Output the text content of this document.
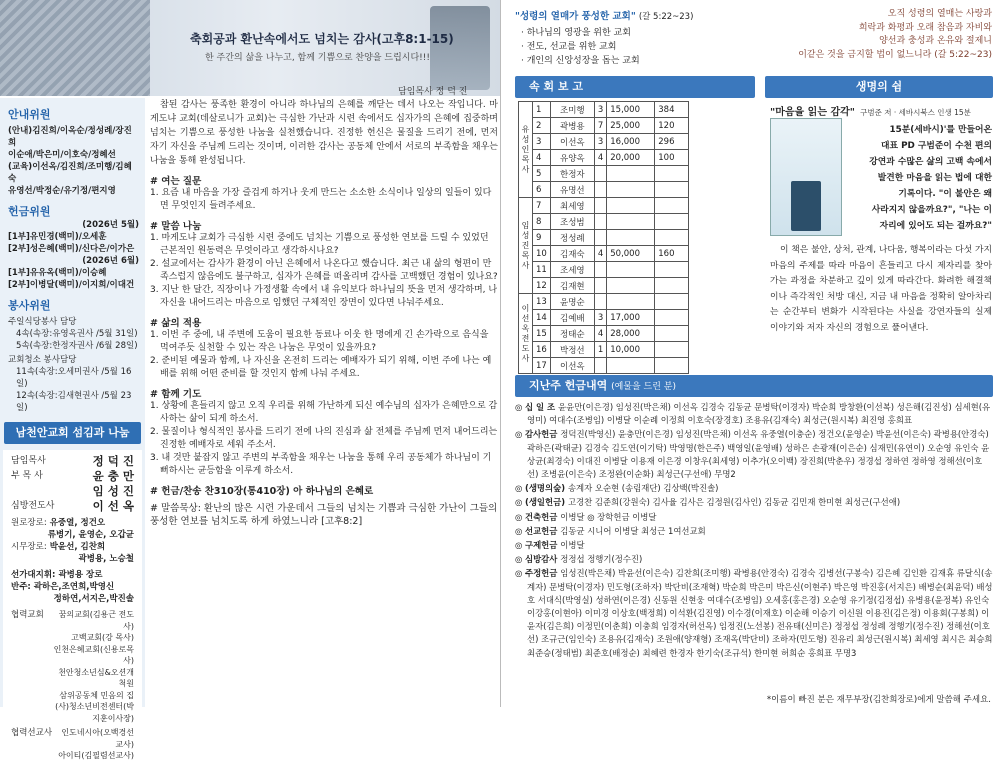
축회공과 환난속에서도 넘치는 감사(고후8:1-15)
한 주간의 삶을 나누고, 함께 기쁨으로 찬양을 드립시다!!!
담임목사 정 덕 진
안내위원
(안내)김진희/이옥순/정성례/장진희
이순애/박은미/이호숙/정혜선
(교육)이선옥/김진희/조미행/김혜숙
유영선/박정순/유기정/편지영
헌금위원
(2026년 5월)
[1부]유민경(백미)/오세훈
[2부]성은혜(백미)/신다은/이가은
(2026년 6월)
[1부]유유옥(백미)/이승혜
[2부]이병달(백미)/이지희/이대건
봉사위원
주일식당봉사 담당
4속(속장:유영옥권사 /5월 31일)
5속(속장:한정자권사 /6월 28일)
교회청소 봉사담당
11속(속장:오세미권사 /5월 16일)
12속(속장:김새현권사 /5월 23일)
남천안교회 섬김과 나눔
담임목사	정 덕 진
부 목 사	윤 충 만
임 성 진
심방전도사	이 선 옥
원로장로: 유중열, 정건오
류병기, 윤영순, 오갑균
시무장로: 박윤선, 김찬희
곽병용, 노승철
선가대지휘: 곽병용 장로
반주: 곽하은,조연희,박영신
정하연,서지은,박진솔
협력교회	꿈의교회(김용근 전도사)
고백교회(강 목사)
인천은혜교회(신용로목사)
천안청소년심&오션개척원
삼위공동체 민음의 집
(사)청소년비전센터(박지훈이사장)
협력선교사	인도네시아(오백경선교사)
아이티(김필렴선교사)
참된 감사는 풍족한 환경이 아니라 하나님의 은혜를 깨닫는 데서 나오는 작입니다. 마게도냐 교회(데살로니가 교회)는 극심한 가난과 시련 속에서도 십자가의 은혜에 집중하며 넘치는 기쁨으로 풍성한 나눔을 실천했습니다. 진정한 헌신은 물질을 드리기 전에, 먼저 자기 자신을 주님께 드리는 것이며, 이러한 감사는 공동체 안에서 서로의 부족함을 채우는 나눔을 통해 완성됩니다.
# 여는 질문
1. 요즘 내 마음을 가장 즐겁게 하거나 웃게 만드는 소소한 소식이나 일상의 일들이 있다면 무엇인지 들려주세요.
# 말씀 나눔
1. 마게도냐 교회가 극심한 시련 중에도 넘치는 기쁨으로 풍성한 연보를 드릴 수 있었던 근본적인 원동력은 무엇이라고 생각하시나요?
2. 설교에서는 감사가 환경이 아닌 은혜에서 나온다고 했습니다. 최근 내 삶의 형편이 만족스럽지 않음에도 불구하고, 십자가 은혜를 떠올리며 감사를 고백했던 경험이 있나요?
3. 지난 한 달간, 직장이나 가정생활 속에서 내 유익보다 하나님의 뜻을 먼저 생각하며, 나 자신을 내어드리는 마음으로 임했던 구체적인 장면이 있다면 나눠주세요.
# 삶의 적용
1. 이번 주 중에, 내 주변에 도움이 필요한 동료나 이웃 한 명에게 긴 손가락으로 음식을 먹여주듯 실천할 수 있는 작은 나눔은 무엇이 있을까요?
2. 준비된 예물과 함께, 나 자신을 온전히 드리는 예배자가 되기 위해, 이번 주에 나는 예배를 위해 어떤 준비를 할 것인지 함께 나눠 주세요.
# 함께 기도
1. 상황에 흔들리지 않고 오직 우리를 위해 가난하게 되신 예수님의 십자가 은혜만으로 감사하는 삶이 되게 하소서.
2. 물질이나 형식적인 봉사를 드리기 전에 나의 진심과 삶 전체를 주님께 먼저 내어드리는 진정한 예배자로 세워 주소서.
3. 내 것만 붙잡지 않고 주변의 부족함을 채우는 나눔을 통해 우리 공동체가 하나님이 기뻐하시는 균등함을 이루게 하소서.
# 헌금/찬송 찬310장(통410장) 아 하나님의 은혜로
# 말씀묵상: 환난의 많은 시련 가운데서 그들의 넘치는 기쁨과 극심한 가난이 그들의 풍성한 연보를 넘치도록 하게 하였느니라 [고후8:2]
"성령의 열매가 풍성한 교회" (갈 5:22~23)
· 하나님의 영광을 위한 교회
· 전도, 선교를 위한 교회
· 개인의 신앙성장을 돕는 교회
오직 성령의 열매는 사랑과
희락과 화평과 오래 참음과 자비와
양선과 충성과 온유와 절제니
이같은 것을 금지할 법이 없느니라 (갈 5:22~23)
속 회 보 고
유성인목사	1	조미행	3	15,000	384
	2	곽병용	7	25,000	120
	3	이선옥	3	16,000	296
	4	유양옥	4	20,000	100
	5	한정자			
	6	유명선			
임성진목사	7	최세영			
	8	조성범			
	9	정성례			
	10	김재숙	4	50,000	160
	11	조세영			
	12	김재현			
이선옥전도사	13	윤명순			
	14	김예배	3	17,000	
	15	정태순	4	28,000	
	16	박정선	1	10,000	
	17	이선옥			
생명의 쉼
"마음을 읽는 감각" 구범준 저 · 세바시북스 인생 15분
15분(세바시)'를 만들어온
대표 PD 구범준이 수천 편의
강연과 수많은 삶의 고백 속에서
발견한 마음을 읽는 법에 대한
기록이다. "이 불안은 왜
사라지지 않을까요?", "나는 이
자리에 있어도 되는 걸까요?"
이 책은 불안, 상처, 관계, 나다움, 행복이라는 다섯 가지 마음의 주제를 따라 마음이 흔들리고 다시 제자리를 찾아가는 과정을 차분하고 깊이 있게 따라간다. 화려한 해결책이나 즉각적인 처방 대신, 지금 내 마음을 정확히 알아차리는 순간부터 변화가 시작된다는 사실을 강연자들의 실제 이야기와 저자 자신의 경험으로 풀어낸다.
지난주 헌금내역 (예물을 드린 분)
◎ 십 일 조 윤윤만(이은경) 임성진(박은채) 이선옥 김경숙 김동균 문병탁(이경자) 박순희 방창환(이선복) 성은해(김진성) 심세현(유영미) 여대수(조병임) 이병달 이순례 이정희 이호숙(장경호) 조용유(김재숙) 최성근(원시복) 최진영 홍희표
◎ 감사헌금 정덕진(박영신) 윤충만(이은경) 임성진(박은채) 이선옥 유중열(이충순) 정건오(윤영순) 박윤선(이은숙) 곽병용(안경숙) 곽하은(곽태균) 김경숙 김도연(이기탁) 박영명(한은주) 백영일(윤영배) 성하은 손광재(이은순) 심재민(유연이) 오순영 유인숙 윤상균(최경숙) 이대진 이병달 이용재 이은경 이창우(최세영) 이추가(오이백) 장진희(박춘우) 정경섭 정하연 정하영 정해선(이호선) 조병윤(이은숙) 조정완(이순화) 최성근(구선애) 무명2
◎ (생명의숲) 송계자 오순현 (송림재단) 김상백(박진솔)
◎ (생일헌금) 고경찬 김준희(강원숙) 김사율 김사은 김정원(김사인) 김동균 김민재 한미현 최성근(구선애)
◎ 건축헌금 이병달 ◎ 장학헌금 이병달
◎ 선교헌금 김동균 시니어 이병달 최성근 1여선교회
◎ 구제헌금 이병달
◎ 심방감사 정정섭 정행기(정수진)
◎ 주정헌금 임성진(박은채) 박윤선(이은숙) 김찬희(조미행) 곽병용(안경숙) 김경숙 김병선(구봉숙) 김은혜 김인환 김재휴 류달식(송계자) 문병탁(이경자) 민도형(조하자) 박단비(조재혁) 박순희 박은미 박은신(이현주) 박은영 박진홍(서지은) 배병순(최윤덕) 배성호 서대식(박영실) 성하연(이은경) 신동원 신현웅 여대수(조병임) 오세홍(홍은경) 오순영 유기정(김정섭) 유병용(윤정복) 유인숙 이강홍(이현아) 이미경 이상호(백정희) 이석환(김진영) 이수경(이재호) 이순해 이승기 이신원 이용진(김은정) 이용회(구봉희) 이윤자(김은희) 이정민(이춘희) 이충희 임경자(허선옥) 임정진(노선봉) 전유태(신미은) 정정섭 정성례 정행기(정수진) 정해선(이호선) 조규근(임인숙) 조용유(김재숙) 조원애(양재형) 조재옥(박단비) 조하자(민도형) 진유리 최성근(원시복) 최세영 최시은 최승희 최준승(정태범) 최준호(배정순) 최혜련 한경자 한기숙(조규석) 한미현 허희순 홍희표 무명3
*이름이 빠진 분은 재무부장(김찬희장로)에게 말씀해 주세요.
